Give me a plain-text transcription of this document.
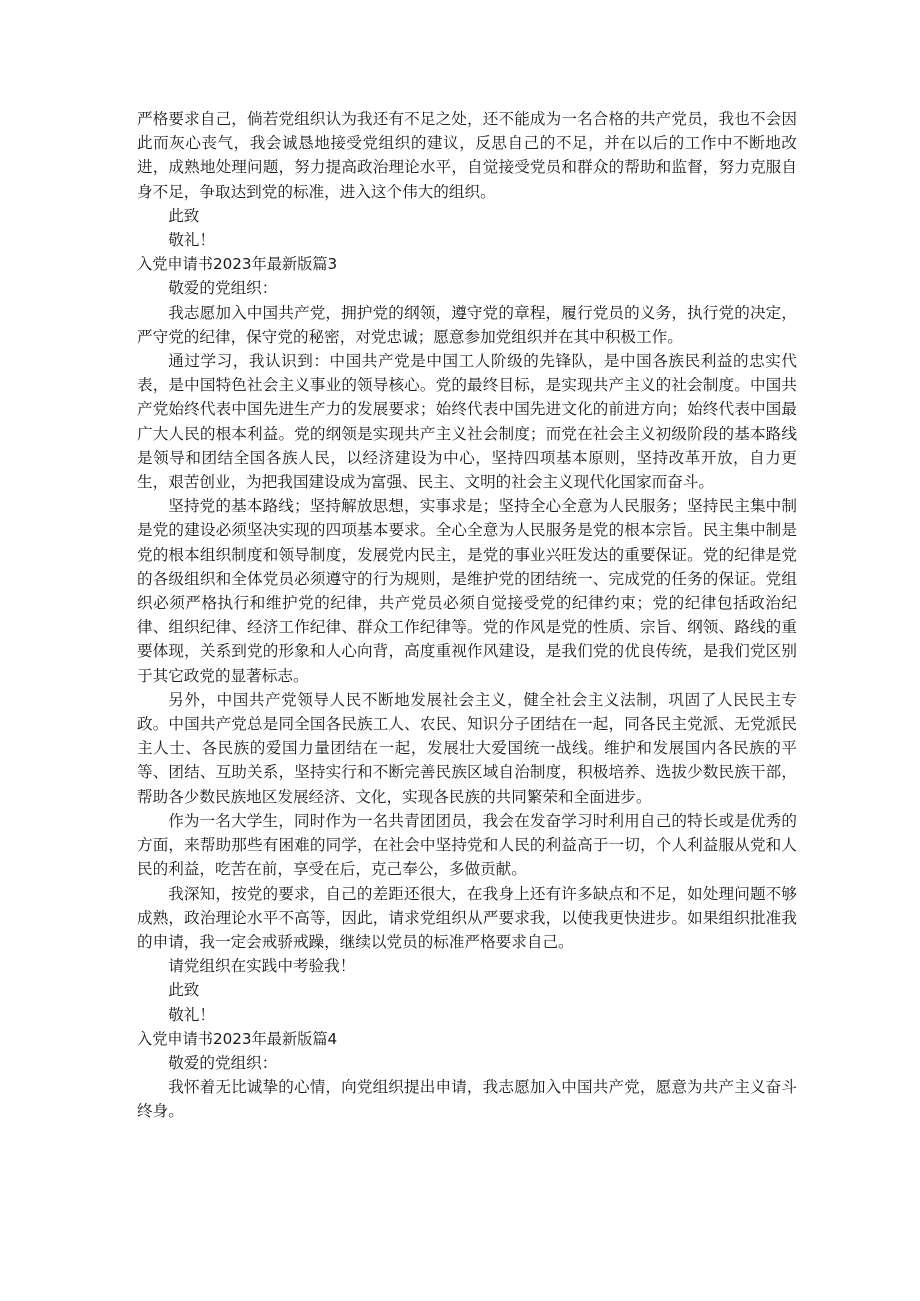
严格要求自己，倘若党组织认为我还有不足之处，还不能成为一名合格的共产党员，我也不会因此而灰心丧气，我会诚恳地接受党组织的建议，反思自己的不足，并在以后的工作中不断地改进，成熟地处理问题，努力提高政治理论水平，自觉接受党员和群众的帮助和监督，努力克服自身不足，争取达到党的标准，进入这个伟大的组织。

此致

敬礼！

入党申请书2023年最新版篇3

敬爱的党组织：

我志愿加入中国共产党，拥护党的纲领，遵守党的章程，履行党员的义务，执行党的决定，严守党的纪律，保守党的秘密，对党忠诚；愿意参加党组织并在其中积极工作。

通过学习，我认识到：中国共产党是中国工人阶级的先锋队，是中国各族民利益的忠实代表，是中国特色社会主义事业的领导核心。党的最终目标，是实现共产主义的社会制度。中国共产党始终代表中国先进生产力的发展要求；始终代表中国先进文化的前进方向；始终代表中国最广大人民的根本利益。党的纲领是实现共产主义社会制度；而党在社会主义初级阶段的基本路线是领导和团结全国各族人民，以经济建设为中心，坚持四项基本原则，坚持改革开放，自力更生，艰苦创业，为把我国建设成为富强、民主、文明的社会主义现代化国家而奋斗。

坚持党的基本路线；坚持解放思想，实事求是；坚持全心全意为人民服务；坚持民主集中制是党的建设必须坚决实现的四项基本要求。全心全意为人民服务是党的根本宗旨。民主集中制是党的根本组织制度和领导制度，发展党内民主，是党的事业兴旺发达的重要保证。党的纪律是党的各级组织和全体党员必须遵守的行为规则，是维护党的团结统一、完成党的任务的保证。党组织必须严格执行和维护党的纪律，共产党员必须自觉接受党的纪律约束；党的纪律包括政治纪律、组织纪律、经济工作纪律、群众工作纪律等。党的作风是党的性质、宗旨、纲领、路线的重要体现，关系到党的形象和人心向背，高度重视作风建设，是我们党的优良传统，是我们党区别于其它政党的显著标志。

另外，中国共产党领导人民不断地发展社会主义，健全社会主义法制，巩固了人民民主专政。中国共产党总是同全国各民族工人、农民、知识分子团结在一起，同各民主党派、无党派民主人士、各民族的爱国力量团结在一起，发展壮大爱国统一战线。维护和发展国内各民族的平等、团结、互助关系，坚持实行和不断完善民族区域自治制度，积极培养、选拔少数民族干部，帮助各少数民族地区发展经济、文化，实现各民族的共同繁荣和全面进步。

作为一名大学生，同时作为一名共青团团员，我会在发奋学习时利用自己的特长或是优秀的方面，来帮助那些有困难的同学，在社会中坚持党和人民的利益高于一切，个人利益服从党和人民的利益，吃苦在前，享受在后，克己奉公，多做贡献。

我深知，按党的要求，自己的差距还很大，在我身上还有许多缺点和不足，如处理问题不够成熟，政治理论水平不高等，因此，请求党组织从严要求我，以使我更快进步。如果组织批准我的申请，我一定会戒骄戒躁，继续以党员的标准严格要求自己。

请党组织在实践中考验我！

此致

敬礼！

入党申请书2023年最新版篇4

敬爱的党组织：

我怀着无比诚挚的心情，向党组织提出申请，我志愿加入中国共产党，愿意为共产主义奋斗终身。
